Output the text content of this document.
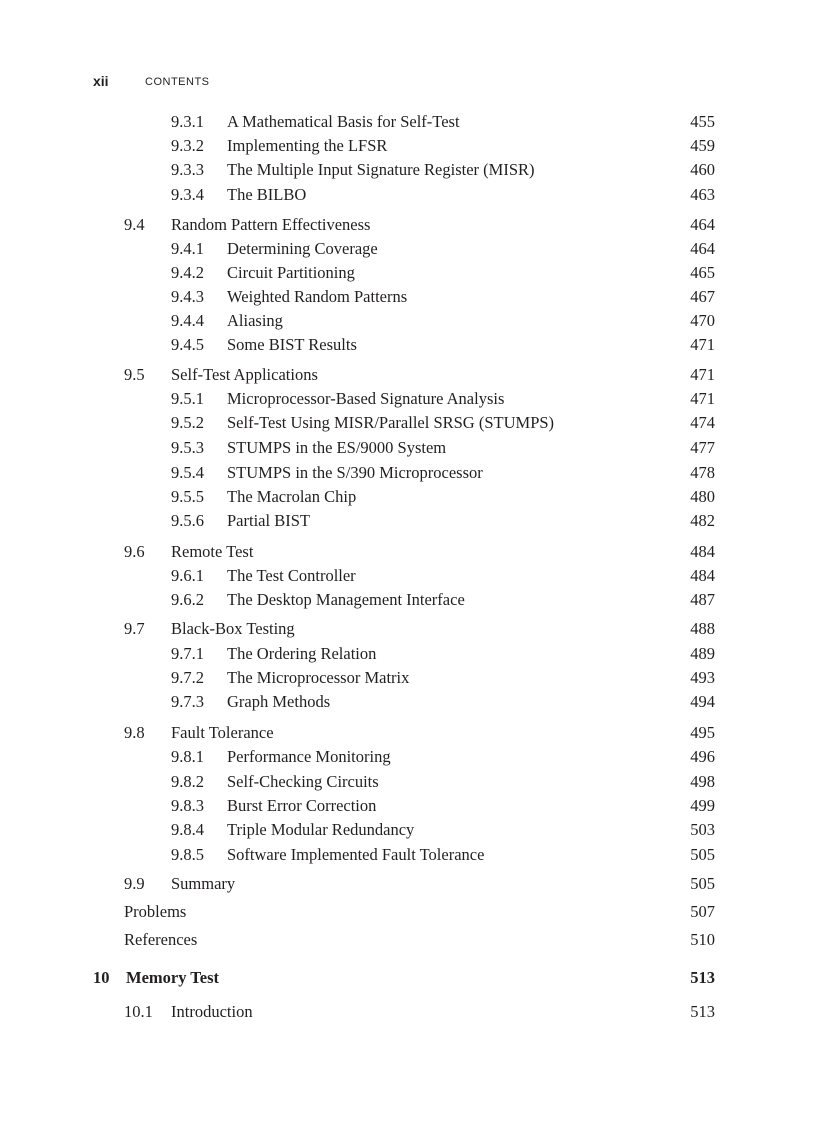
xii	CONTENTS
9.3.1 A Mathematical Basis for Self-Test	455
9.3.2 Implementing the LFSR	459
9.3.3 The Multiple Input Signature Register (MISR)	460
9.3.4 The BILBO	463
9.4 Random Pattern Effectiveness	464
9.4.1 Determining Coverage	464
9.4.2 Circuit Partitioning	465
9.4.3 Weighted Random Patterns	467
9.4.4 Aliasing	470
9.4.5 Some BIST Results	471
9.5 Self-Test Applications	471
9.5.1 Microprocessor-Based Signature Analysis	471
9.5.2 Self-Test Using MISR/Parallel SRSG (STUMPS)	474
9.5.3 STUMPS in the ES/9000 System	477
9.5.4 STUMPS in the S/390 Microprocessor	478
9.5.5 The Macrolan Chip	480
9.5.6 Partial BIST	482
9.6 Remote Test	484
9.6.1 The Test Controller	484
9.6.2 The Desktop Management Interface	487
9.7 Black-Box Testing	488
9.7.1 The Ordering Relation	489
9.7.2 The Microprocessor Matrix	493
9.7.3 Graph Methods	494
9.8 Fault Tolerance	495
9.8.1 Performance Monitoring	496
9.8.2 Self-Checking Circuits	498
9.8.3 Burst Error Correction	499
9.8.4 Triple Modular Redundancy	503
9.8.5 Software Implemented Fault Tolerance	505
9.9 Summary	505
Problems	507
References	510
10 Memory Test	513
10.1 Introduction	513
